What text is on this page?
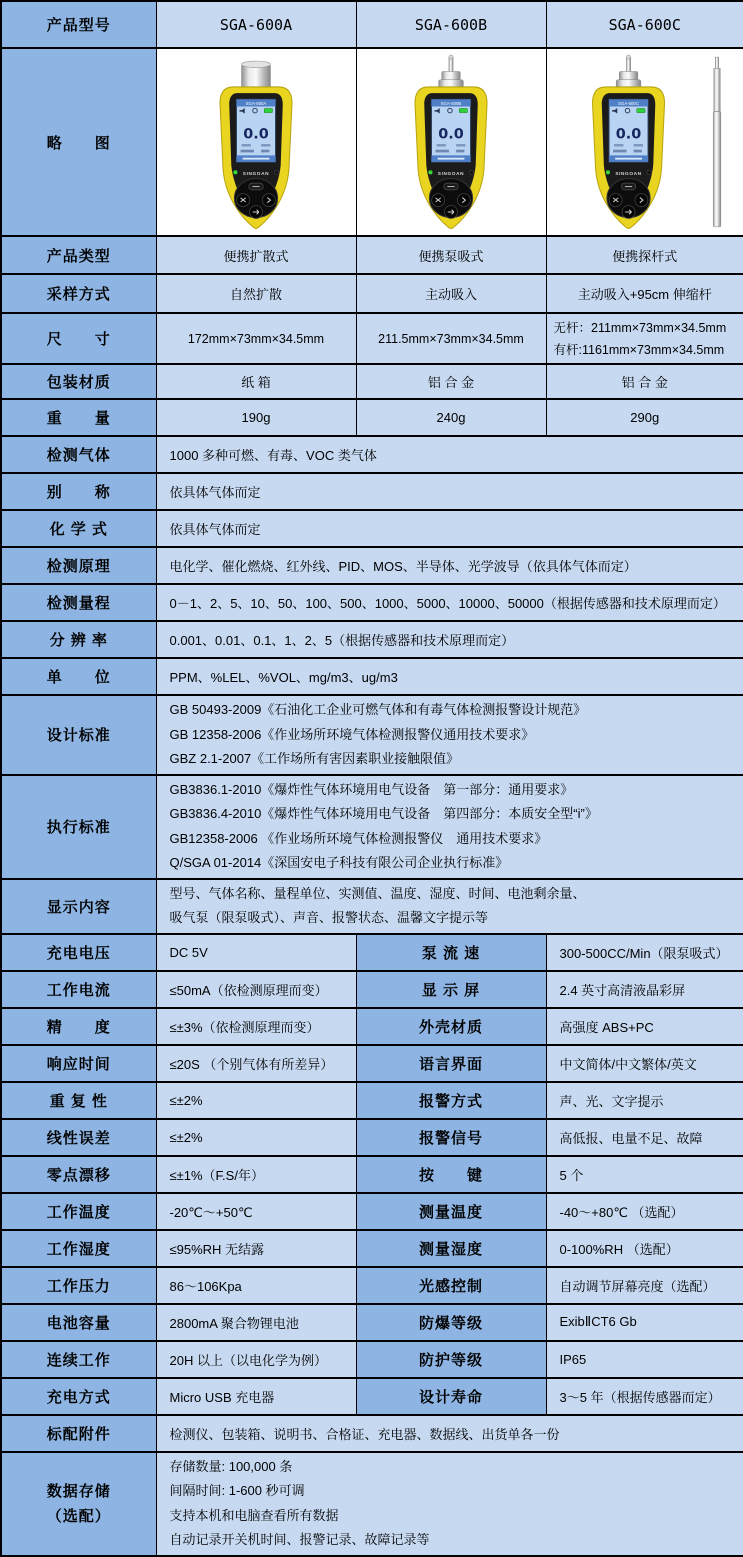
产品型号	SGA-600A	SGA-600B	SGA-600C
略　　图	SGA-600A
0.0
SINGOAN	SGA-600B
0.0
SINGOAN	SGA-600C
0.0
SINGOAN

产品类型	便携扩散式	便携泵吸式	便携探杆式
采样方式	自然扩散	主动吸入	主动吸入+95cm 伸缩杆
尺　　寸	172mm×73mm×34.5mm	211.5mm×73mm×34.5mm	无杆：211mm×73mm×34.5mm
有杆:1161mm×73mm×34.5mm

包装材质	纸 箱	铝 合 金	铝 合 金
重　　量	190g	240g	290g
检测气体	1000 多种可燃、有毒、VOC 类气体		
别　　称	依具体气体而定		
化 学 式	依具体气体而定		
检测原理	电化学、催化燃烧、红外线、PID、MOS、半导体、光学波导（依具体气体而定）		
检测量程	0－1、2、5、10、50、100、500、1000、5000、10000、50000（根据传感器和技术原理而定）		
分 辨 率	0.001、0.01、0.1、1、2、5（根据传感器和技术原理而定）		
单　　位	PPM、%LEL、%VOL、mg/m3、ug/m3		
设计标准	GB 50493-2009《石油化工企业可燃气体和有毒气体检测报警设计规范》
GB 12358-2006《作业场所环境气体检测报警仪通用技术要求》
GBZ 2.1-2007《工作场所有害因素职业接触限值》		

执行标准	GB3836.1-2010《爆炸性气体环境用电气设备　第一部分：通用要求》
GB3836.4-2010《爆炸性气体环境用电气设备　第四部分：本质安全型“i”》
GB12358-2006 《作业场所环境气体检测报警仪　通用技术要求》
Q/SGA 01-2014《深国安电子科技有限公司企业执行标准》		

显示内容	型号、气体名称、量程单位、实测值、温度、湿度、时间、电池剩余量、
吸气泵（限泵吸式）、声音、报警状态、温馨文字提示等		

充电电压	DC 5V	泵 流 速	300-500CC/Min（限泵吸式）
工作电流	≤50mA（依检测原理而变）	显 示 屏	2.4 英寸高清液晶彩屏
精　　度	≤±3%（依检测原理而变）	外壳材质	高强度 ABS+PC
响应时间	≤20S （个别气体有所差异）	语言界面	中文简体/中文繁体/英文
重 复 性	≤±2%	报警方式	声、光、文字提示
线性误差	≤±2%	报警信号	高低报、电量不足、故障
零点漂移	≤±1%（F.S/年）	按　　键	5 个
工作温度	-20℃～+50℃	测量温度	-40～+80℃ （选配）
工作湿度	≤95%RH 无结露	测量湿度	0-100%RH （选配）
工作压力	86～106Kpa	光感控制	自动调节屏幕亮度（选配）
电池容量	2800mA 聚合物锂电池	防爆等级	ExibⅡCT6 Gb
连续工作	20H 以上（以电化学为例）	防护等级	IP65
充电方式	Micro USB 充电器	设计寿命	3～5 年（根据传感器而定）
标配附件	检测仪、包装箱、说明书、合格证、充电器、数据线、出货单各一份		

数据存储
（选配）

存储数量: 100,000 条
间隔时间: 1-600 秒可调
支持本机和电脑查看所有数据
自动记录开关机时间、报警记录、故障记录等
